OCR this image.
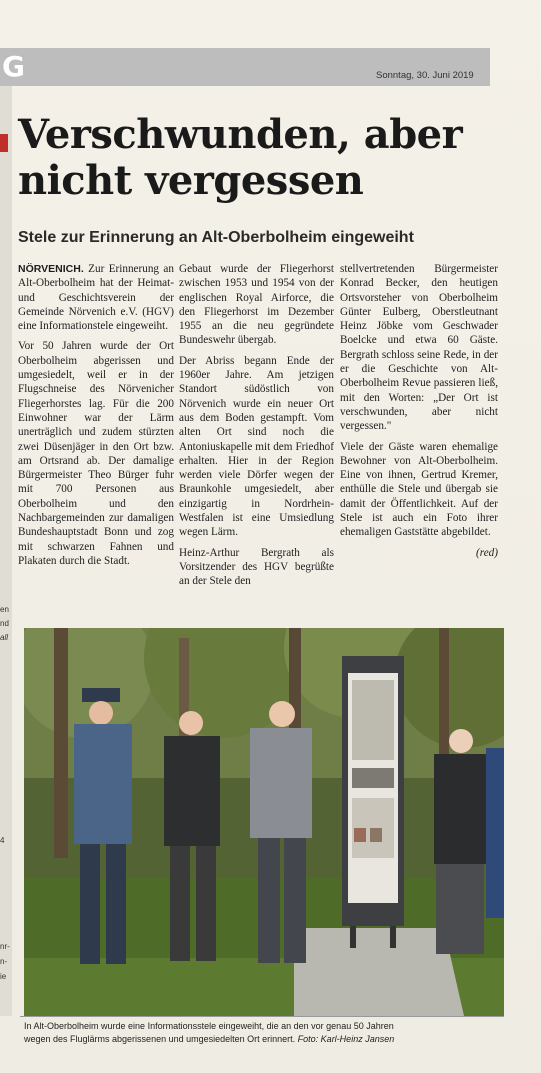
G	Sonntag, 30. Juni 2019
en
nd
all
4
nr-
n-
ie
Verschwunden, aber
nicht vergessen
Stele zur Erinnerung an Alt-Oberbolheim eingeweiht

NÖRVENICH. Zur Erinnerung an Alt-Oberbolheim hat der Heimat- und Geschichtsverein der Gemeinde Nörvenich e.V. (HGV) eine Informationstele eingeweiht.

Vor 50 Jahren wurde der Ort Oberbolheim abgerissen und umgesiedelt, weil er in der Flugschneise des Nörvenicher Fliegerhorstes lag. Für die 200 Einwohner war der Lärm unerträglich und zudem stürzten zwei Düsenjäger in den Ort bzw. am Ortsrand ab. Der damalige Bürgermeister Theo Bürger fuhr mit 700 Personen aus Oberbolheim und den Nachbargemeinden zur damaligen Bundeshauptstadt Bonn und zog mit schwarzen Fahnen und Plakaten durch die Stadt.

Gebaut wurde der Fliegerhorst zwischen 1953 und 1954 von der englischen Royal Airforce, die den Fliegerhorst im Dezember 1955 an die neu gegründete Bundeswehr übergab.

Der Abriss begann Ende der 1960er Jahre. Am jetzigen Standort südöstlich von Nörvenich wurde ein neuer Ort aus dem Boden gestampft. Vom alten Ort sind noch die Antoniuskapelle mit dem Friedhof erhalten. Hier in der Region werden viele Dörfer wegen der Braunkohle umgesiedelt, aber einzigartig in Nordrhein-Westfalen ist eine Umsiedlung wegen Lärm.

Heinz-Arthur Bergrath als Vorsitzender des HGV begrüßte an der Stele den

stellvertretenden Bürgermeister Konrad Becker, den heutigen Ortsvorsteher von Oberbolheim Günter Eulberg, Oberstleutnant Heinz Jöbke vom Geschwader Boelcke und etwa 60 Gäste. Bergrath schloss seine Rede, in der er die Geschichte von Alt-Oberbolheim Revue passieren ließ, mit den Worten: „Der Ort ist verschwunden, aber nicht vergessen."

Viele der Gäste waren ehemalige Bewohner von Alt-Oberbolheim. Eine von ihnen, Gertrud Kremer, enthülle die Stele und übergab sie damit der Öffentlichkeit. Auf der Stele ist auch ein Foto ihrer ehemaligen Gaststätte abgebildet.

(red)

In Alt-Oberbolheim wurde eine Informationsstele eingeweiht, die an den vor genau 50 Jahren
wegen des Fluglärms abgerissenen und umgesiedelten Ort erinnert. Foto: Karl-Heinz Jansen
